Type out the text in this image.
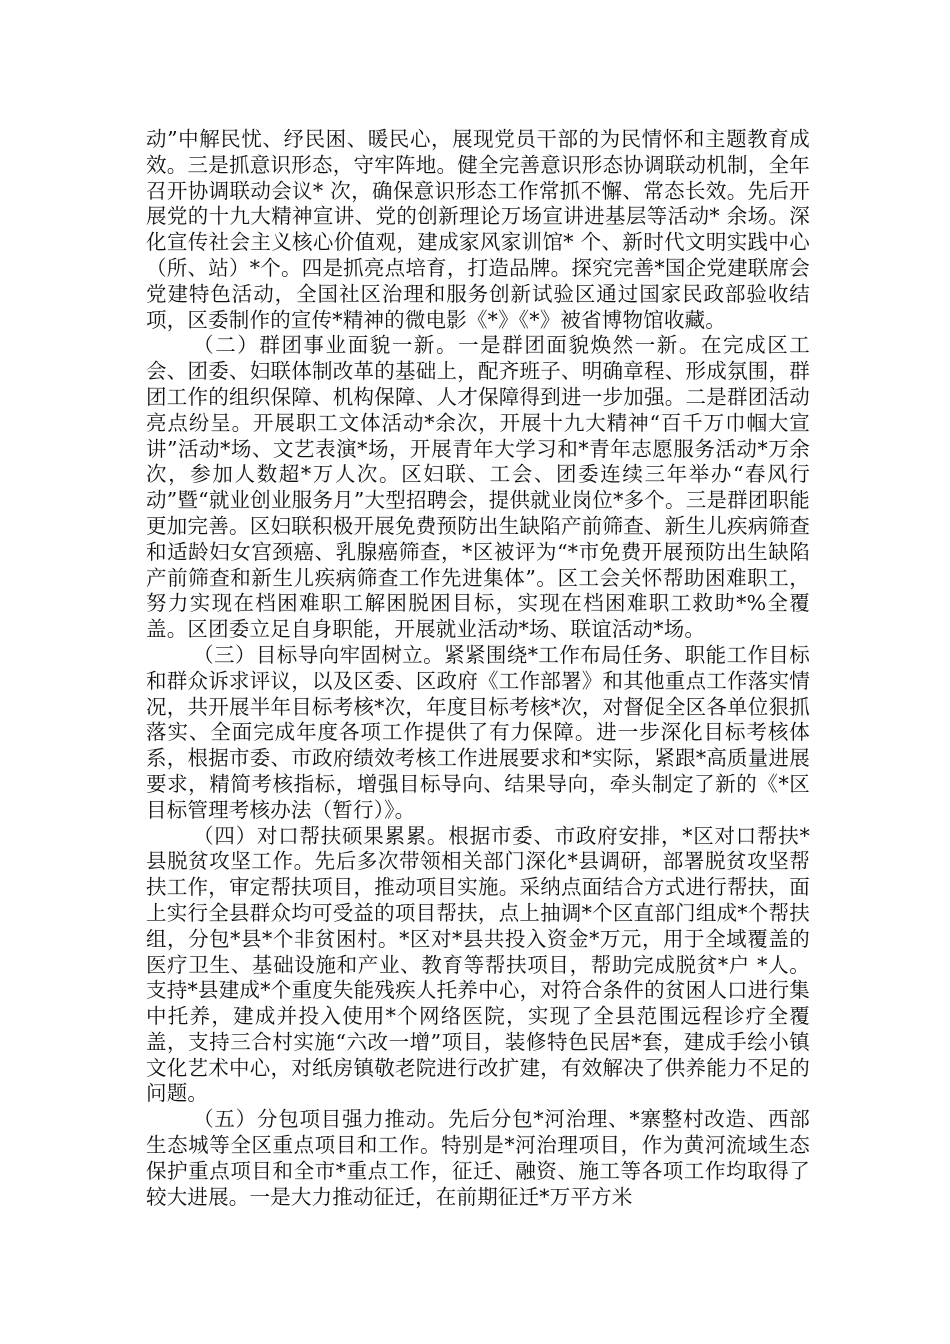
动”中解民忧、纾民困、暖民心，展现党员干部的为民情怀和主题教育成效。三是抓意识形态，守牢阵地。健全完善意识形态协调联动机制，全年召开协调联动会议* 次，确保意识形态工作常抓不懈、常态长效。先后开展党的十九大精神宣讲、党的创新理论万场宣讲进基层等活动* 余场。深化宣传社会主义核心价值观，建成家风家训馆* 个、新时代文明实践中心（所、站）*个。四是抓亮点培育，打造品牌。探究完善*国企党建联席会党建特色活动，全国社区治理和服务创新试验区通过国家民政部验收结项，区委制作的宣传*精神的微电影《*》《*》被省博物馆收藏。

（二）群团事业面貌一新。一是群团面貌焕然一新。在完成区工会、团委、妇联体制改革的基础上，配齐班子、明确章程、形成氛围，群团工作的组织保障、机构保障、人才保障得到进一步加强。二是群团活动亮点纷呈。开展职工文体活动*余次，开展十九大精神“百千万巾帼大宣讲”活动*场、文艺表演*场，开展青年大学习和*青年志愿服务活动*万余次，参加人数超*万人次。区妇联、工会、团委连续三年举办“春风行动”暨“就业创业服务月”大型招聘会，提供就业岗位*多个。三是群团职能更加完善。区妇联积极开展免费预防出生缺陷产前筛查、新生儿疾病筛查和适龄妇女宫颈癌、乳腺癌筛查，*区被评为“*市免费开展预防出生缺陷产前筛查和新生儿疾病筛查工作先进集体”。区工会关怀帮助困难职工，努力实现在档困难职工解困脱困目标，实现在档困难职工救助*%全覆盖。区团委立足自身职能，开展就业活动*场、联谊活动*场。

（三）目标导向牢固树立。紧紧围绕*工作布局任务、职能工作目标和群众诉求评议，以及区委、区政府《工作部署》和其他重点工作落实情况，共开展半年目标考核*次，年度目标考核*次，对督促全区各单位狠抓落实、全面完成年度各项工作提供了有力保障。进一步深化目标考核体系，根据市委、市政府绩效考核工作进展要求和*实际，紧跟*高质量进展要求，精简考核指标，增强目标导向、结果导向，牵头制定了新的《*区目标管理考核办法（暂行）》。

（四）对口帮扶硕果累累。根据市委、市政府安排，*区对口帮扶*县脱贫攻坚工作。先后多次带领相关部门深化*县调研，部署脱贫攻坚帮扶工作，审定帮扶项目，推动项目实施。采纳点面结合方式进行帮扶，面上实行全县群众均可受益的项目帮扶，点上抽调*个区直部门组成*个帮扶组，分包*县*个非贫困村。*区对*县共投入资金*万元，用于全域覆盖的医疗卫生、基础设施和产业、教育等帮扶项目，帮助完成脱贫*户 *人。支持*县建成*个重度失能残疾人托养中心，对符合条件的贫困人口进行集中托养，建成并投入使用*个网络医院，实现了全县范围远程诊疗全覆盖，支持三合村实施“六改一增”项目，装修特色民居*套，建成手绘小镇文化艺术中心，对纸房镇敬老院进行改扩建，有效解决了供养能力不足的问题。

（五）分包项目强力推动。先后分包*河治理、*寨整村改造、西部生态城等全区重点项目和工作。特别是*河治理项目，作为黄河流域生态保护重点项目和全市*重点工作，征迁、融资、施工等各项工作均取得了较大进展。一是大力推动征迁，在前期征迁*万平方米
